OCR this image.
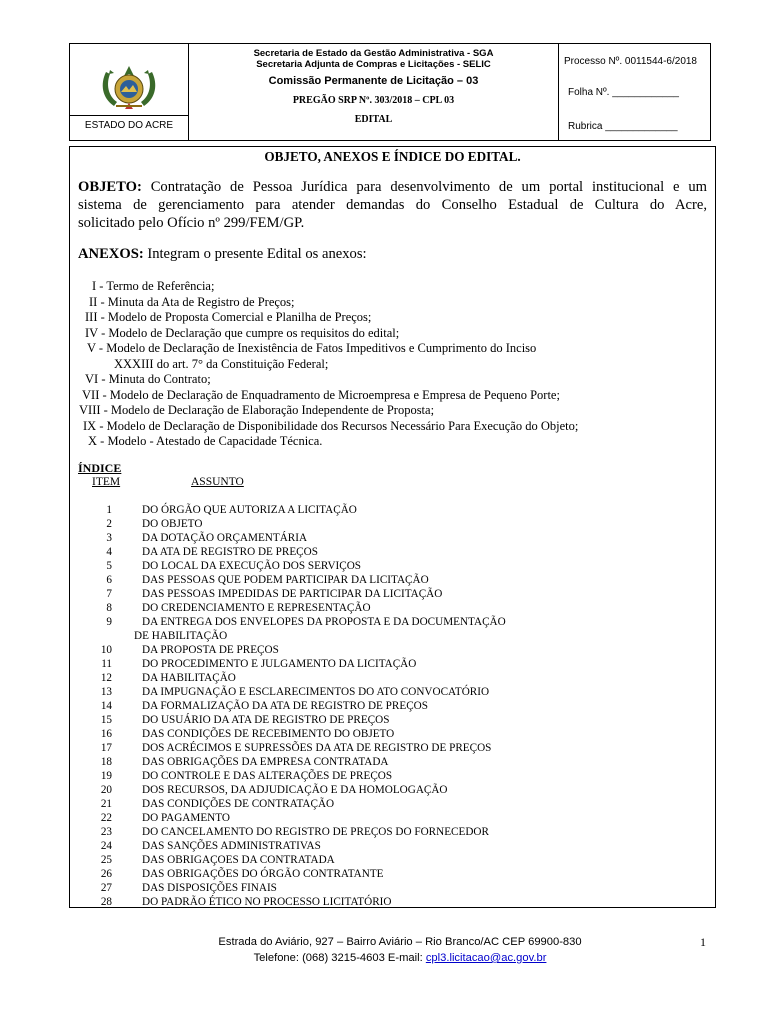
ESTADO DO ACRE
Secretaria de Estado da Gestão Administrativa - SGA
Secretaria Adjunta de Compras e Licitações - SELIC
Comissão Permanente de Licitação – 03
PREGÃO SRP Nº. 303/2018 – CPL 03
EDITAL
Processo Nº. 0011544-6/2018
Folha Nº. ____________
Rubrica _____________
OBJETO, ANEXOS E ÍNDICE DO EDITAL.
OBJETO: Contratação de Pessoa Jurídica para desenvolvimento de um portal institucional e um
sistema de gerenciamento para atender demandas do Conselho Estadual de Cultura do Acre,
solicitado pelo Ofício nº 299/FEM/GP.
ANEXOS: Integram o presente Edital os anexos:
I - Termo de Referência;
II - Minuta da Ata de Registro de Preços;
III - Modelo de Proposta Comercial e Planilha de Preços;
IV - Modelo de Declaração que cumpre os requisitos do edital;
V - Modelo de Declaração de Inexistência de Fatos Impeditivos e Cumprimento do Inciso
XXXIII do art. 7° da Constituição Federal;
VI - Minuta do Contrato;
VII - Modelo de Declaração de Enquadramento de Microempresa e Empresa de Pequeno Porte;
VIII - Modelo de Declaração de Elaboração Independente de Proposta;
IX - Modelo de Declaração de Disponibilidade dos Recursos Necessário Para Execução do Objeto;
X - Modelo - Atestado de Capacidade Técnica.
ÍNDICE
ITEM	ASSUNTO
1	DO ÓRGÃO QUE AUTORIZA A LICITAÇÃO
2	DO OBJETO
3	DA DOTAÇÃO ORÇAMENTÁRIA
4	DA ATA DE REGISTRO DE PREÇOS
5	DO LOCAL DA EXECUÇÃO DOS SERVIÇOS
6	DAS PESSOAS QUE PODEM PARTICIPAR DA LICITAÇÃO
7	DAS PESSOAS IMPEDIDAS DE PARTICIPAR DA LICITAÇÃO
8	DO CREDENCIAMENTO E REPRESENTAÇÃO
9	DA ENTREGA DOS ENVELOPES DA PROPOSTA E DA DOCUMENTAÇÃO
DE HABILITAÇÃO
10	DA PROPOSTA DE PREÇOS
11	DO PROCEDIMENTO E JULGAMENTO DA LICITAÇÃO
12	DA HABILITAÇÃO
13	DA IMPUGNAÇÃO E ESCLARECIMENTOS DO ATO CONVOCATÓRIO
14	DA FORMALIZAÇÃO DA ATA DE REGISTRO DE PREÇOS
15	DO USUÁRIO DA ATA DE REGISTRO DE PREÇOS
16	DAS CONDIÇÕES DE RECEBIMENTO DO OBJETO
17	DOS ACRÉCIMOS E SUPRESSÕES DA ATA DE REGISTRO DE PREÇOS
18	DAS OBRIGAÇÕES DA EMPRESA CONTRATADA
19	DO CONTROLE E DAS ALTERAÇÕES DE PREÇOS
20	DOS RECURSOS, DA ADJUDICAÇÃO E DA HOMOLOGAÇÃO
21	DAS CONDIÇÕES DE CONTRATAÇÃO
22	DO PAGAMENTO
23	DO CANCELAMENTO DO REGISTRO DE PREÇOS DO FORNECEDOR
24	DAS SANÇÕES ADMINISTRATIVAS
25	DAS OBRIGAÇOES DA CONTRATADA
26	DAS OBRIGAÇÕES DO ÓRGÃO CONTRATANTE
27	DAS DISPOSIÇÕES FINAIS
28	DO PADRÃO ÉTICO NO PROCESSO LICITATÓRIO
Estrada do Aviário, 927 – Bairro Aviário – Rio Branco/AC CEP 69900-830
Telefone: (068) 3215-4603 E-mail: cpl3.licitacao@ac.gov.br
1
